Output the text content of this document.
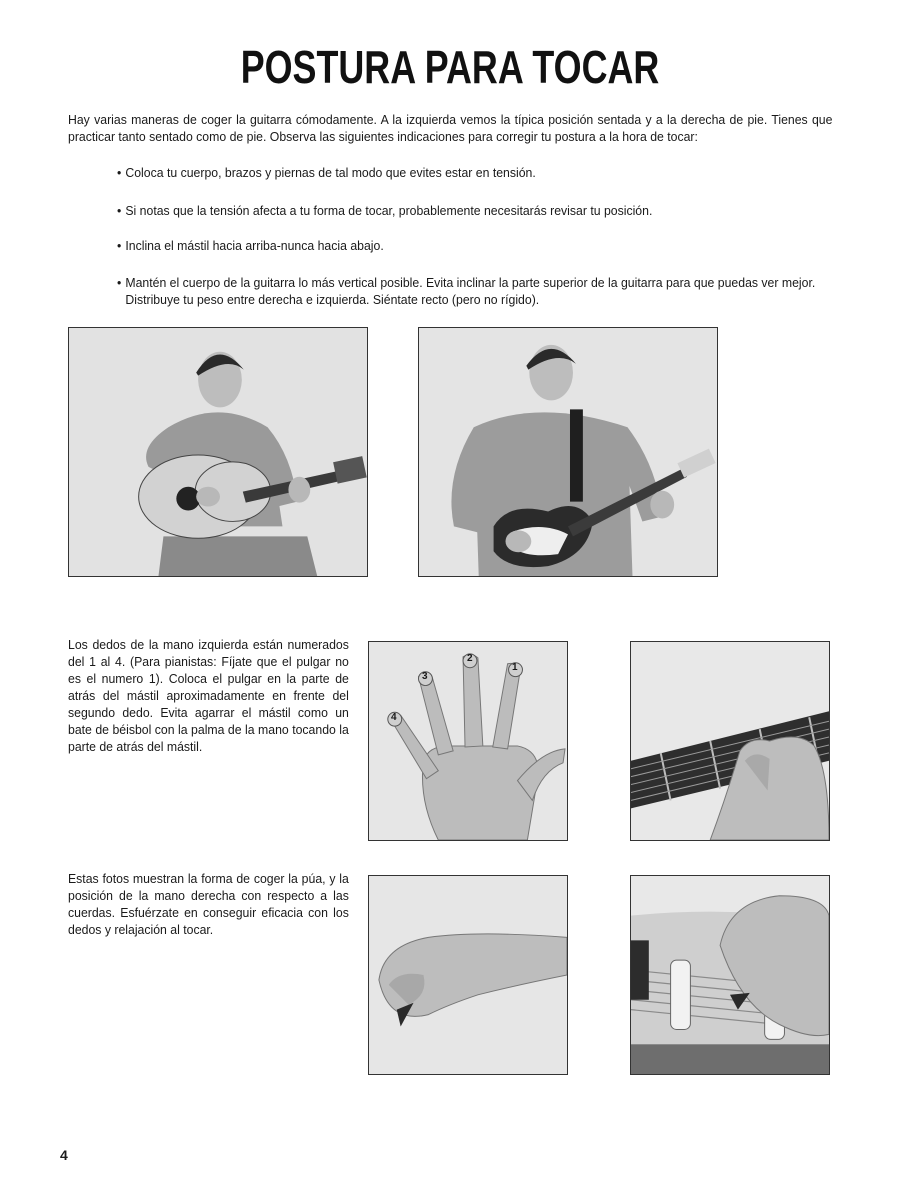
POSTURA PARA TOCAR
Hay varias maneras de coger la guitarra cómodamente. A la izquierda vemos la típica posición sentada y a la derecha de pie. Tienes que practicar tanto sentado como de pie. Observa las siguientes indicaciones para corregir tu postura a la hora de tocar:
• Coloca tu cuerpo, brazos y piernas de tal modo que evites estar en tensión.
• Si notas que la tensión afecta a tu forma de tocar, probablemente necesitarás revisar tu posición.
• Inclina el mástil hacia arriba-nunca hacia abajo.
• Mantén el cuerpo de la guitarra lo más vertical posible. Evita inclinar la parte superior de la guitarra para que puedas ver mejor. Distribuye tu peso entre derecha e izquierda. Siéntate recto (pero no rígido).
Los dedos de la mano izquierda están numerados del 1 al 4. (Para pianistas: Fíjate que el pulgar no es el numero 1). Coloca el pulgar en la parte de atrás del mástil aproximadamente en frente del segundo dedo. Evita agarrar el mástil como un bate de béisbol con la palma de la mano tocando la parte de atrás del mástil.
1
2
3
4
Estas fotos muestran la forma de coger la púa, y la posición de la mano derecha con respecto a las cuerdas. Esfuérzate en conseguir eficacia con los dedos y relajación al tocar.
4
